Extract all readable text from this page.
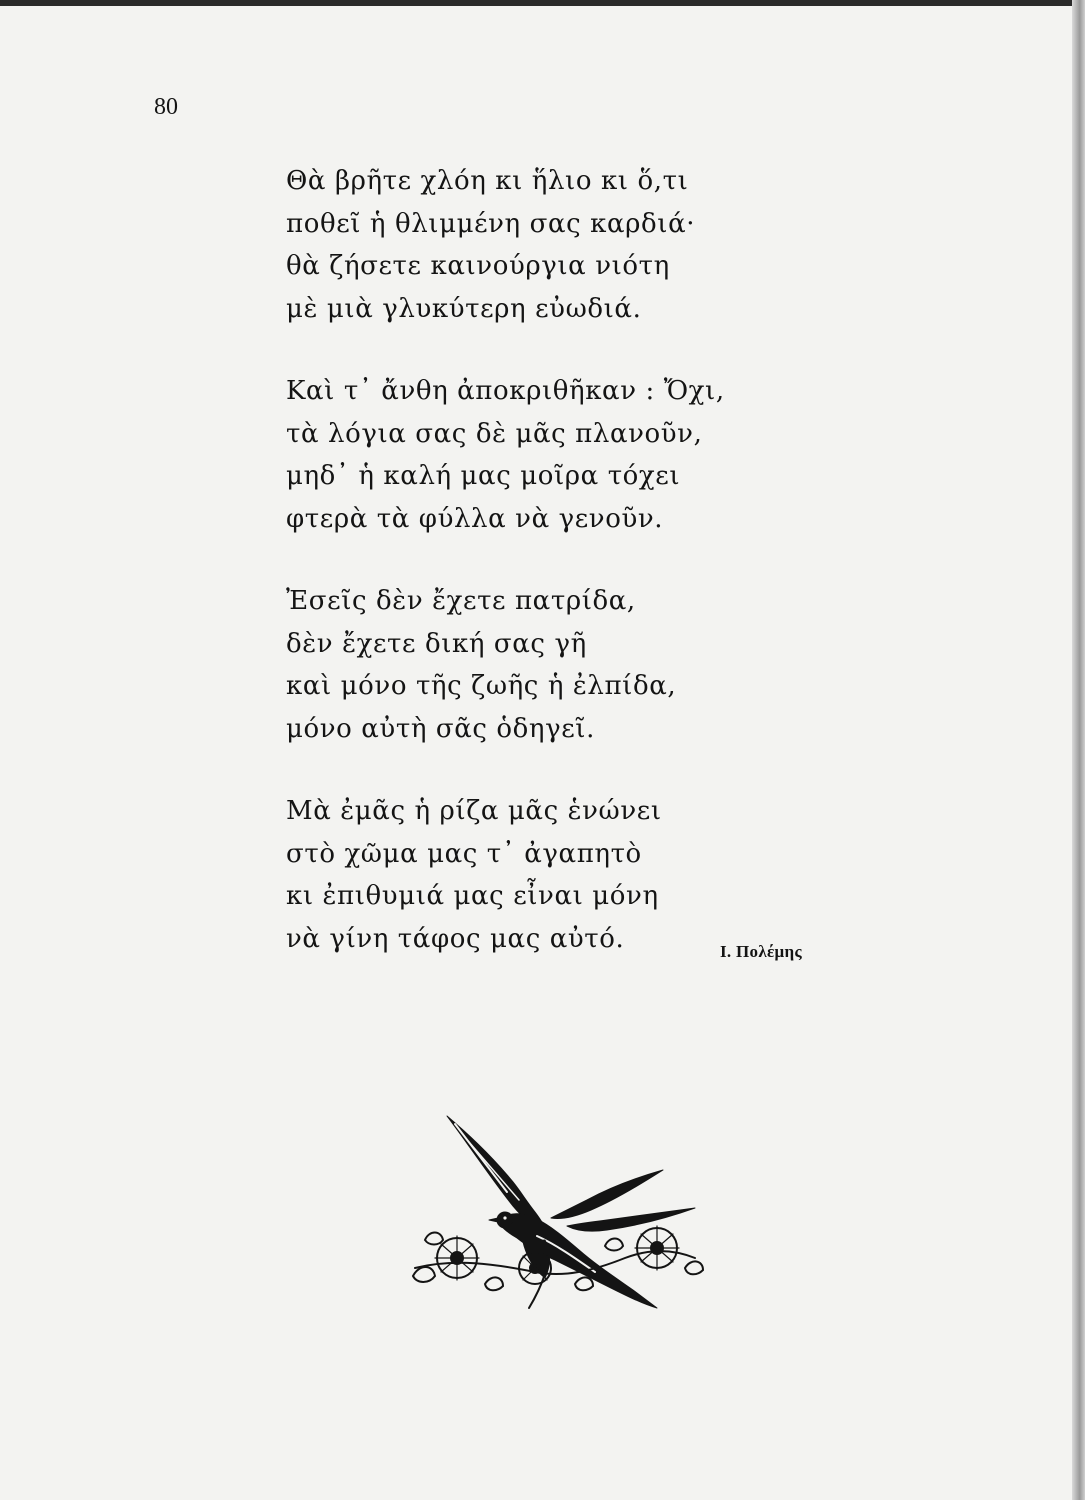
80
Θὰ βρῆτε χλόη κι ἥλιο κι ὅ,τι
ποθεῖ ἡ θλιμμένη σας καρδιά·
θὰ ζήσετε καινούργια νιότη
μὲ μιὰ γλυκύτερη εὐωδιά.
Καὶ τ᾽ ἄνθη ἀποκριθῆκαν : Ὄχι,
τὰ λόγια σας δὲ μᾶς πλανοῦν,
μηδ᾽ ἡ καλή μας μοῖρα τόχει
φτερὰ τὰ φύλλα νὰ γενοῦν.
Ἐσεῖς δὲν ἔχετε πατρίδα,
δὲν ἔχετε δική σας γῆ
καὶ μόνο τῆς ζωῆς ἡ ἐλπίδα,
μόνο αὐτὴ σᾶς ὁδηγεῖ.
Μὰ ἐμᾶς ἡ ρίζα μᾶς ἑνώνει
στὸ χῶμα μας τ᾽ ἀγαπητὸ
κι ἐπιθυμιά μας εἶναι μόνη
νὰ γίνη τάφος μας αὐτό.	Ι. Πολέμης
